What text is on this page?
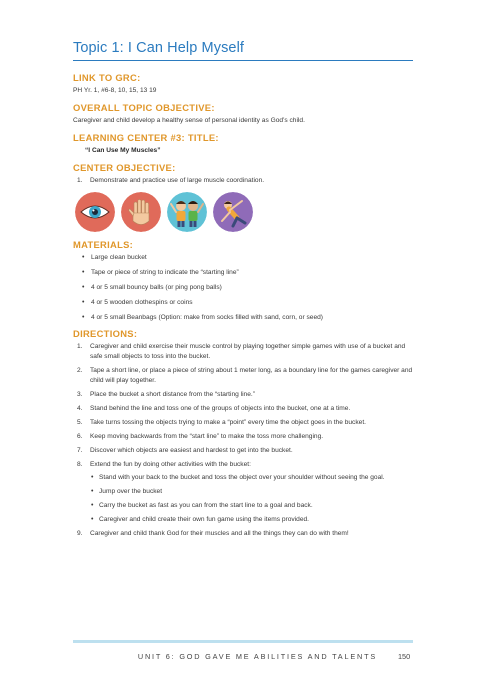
Topic 1: I Can Help Myself
LINK TO GRC:

PH Yr. 1, #6-8, 10, 15, 13 19

OVERALL TOPIC OBJECTIVE:

Caregiver and child develop a healthy sense of personal identity as God’s child.

LEARNING CENTER #3: TITLE:
“I Can Use My Muscles”
CENTER OBJECTIVE:
1. Demonstrate and practice use of large muscle coordination.
MATERIALS:
• Large clean bucket
• Tape or piece of string to indicate the “starting line”
• 4 or 5 small bouncy balls (or ping pong balls)
• 4 or 5 wooden clothespins or coins
• 4 or 5 small Beanbags (Option: make from socks filled with sand, corn, or seed)
DIRECTIONS:
1. Caregiver and child exercise their muscle control by playing together simple games with use of a bucket and safe small objects to toss into the bucket.
2. Tape a short line, or place a piece of string about 1 meter long, as a boundary line for the games caregiver and child will play together.
3. Place the bucket a short distance from the “starting line.”
4. Stand behind the line and toss one of the groups of objects into the bucket, one at a time.
5. Take turns tossing the objects trying to make a “point” every time the object goes in the bucket.
6. Keep moving backwards from the “start line” to make the toss more challenging.
7. Discover which objects are easiest and hardest to get into the bucket.
8. Extend the fun by doing other activities with the bucket:
• Stand with your back to the bucket and toss the object over your shoulder without seeing the goal.
• Jump over the bucket
• Carry the bucket as fast as you can from the start line to a goal and back.
• Caregiver and child create their own fun game using the items provided.
9. Caregiver and child thank God for their muscles and all the things they can do with them!
UNIT 6: GOD GAVE ME ABILITIES AND TALENTS	150
